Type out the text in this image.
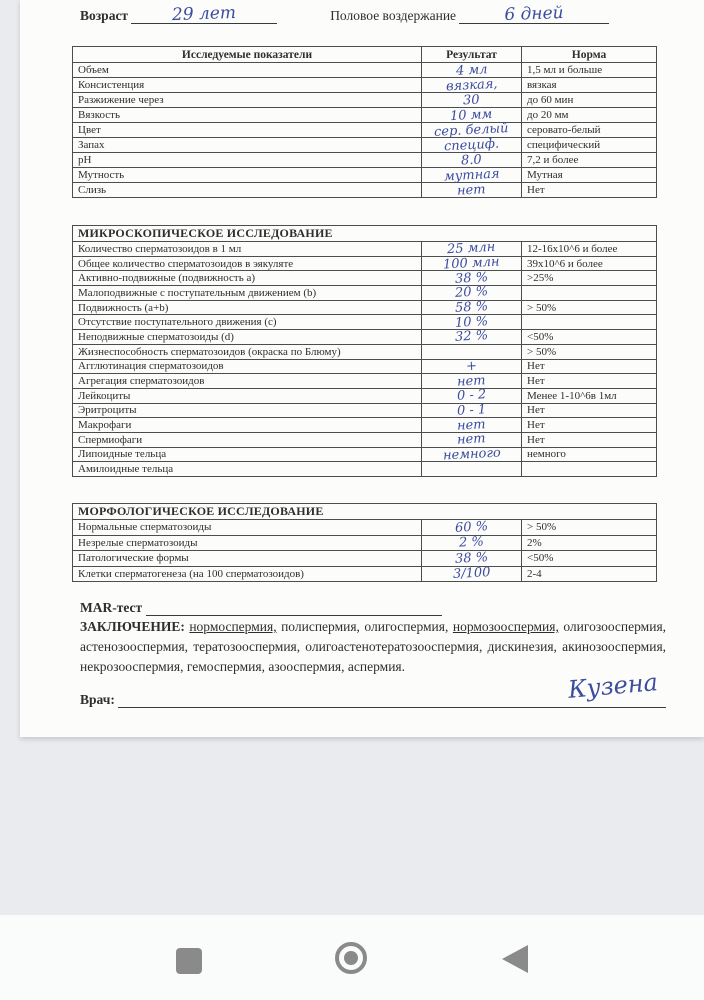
Возраст	29 лет	Половое воздержание	6 дней
Исследуемые показатели	Результат	Норма
Объем	4 мл	1,5 мл и больше
Консистенция	вязкая,	вязкая
Разжижение через	30	до 60 мин
Вязкость	10 мм	до 20 мм
Цвет	сер. белый	серовато-белый
Запах	специф.	специфический
pH	8.0	7,2 и более
Мутность	мутная	Мутная
Слизь	нет	Нет
МИКРОСКОПИЧЕСКОЕ ИССЛЕДОВАНИЕ		
Количество сперматозоидов в 1 мл	25 млн	12-16x10^6 и более
Общее количество сперматозоидов в эякуляте	100 млн	39x10^6 и более
Активно-подвижные (подвижность a)	38 %	>25%
Малоподвижные с поступательным движением (b)	20 %	
Подвижность (a+b)	58 %	> 50%
Отсутствие поступательного движения (c)	10 %	
Неподвижные сперматозоиды (d)	32 %	<50%
Жизнеспособность сперматозоидов (окраска по Блюму)		> 50%
Агглютинация сперматозоидов	+	Нет
Агрегация сперматозоидов	нет	Нет
Лейкоциты	0 - 2	Менее 1-10^6в 1мл
Эритроциты	0 - 1	Нет
Макрофаги	нет	Нет
Спермиофаги	нет	Нет
Липоидные тельца	немного	немного
Амилоидные тельца		
МОРФОЛОГИЧЕСКОЕ ИССЛЕДОВАНИЕ		
Нормальные сперматозоиды	60 %	> 50%
Незрелые сперматозоиды	2 %	2%
Патологические формы	38 %	<50%
Клетки сперматогенеза (на 100 сперматозоидов)	3/100	2-4
MAR-тест
ЗАКЛЮЧЕНИЕ: нормоспермия, полиспермия, олигоспермия, нормозооспермия, олигозооспермия, астенозооспермия, тератозооспермия, олигоастенотератозооспермия, дискинезия, акинозооспермия, некрозооспермия, гемоспермия, азооспермия, аспермия.
Врач:	Кузена
